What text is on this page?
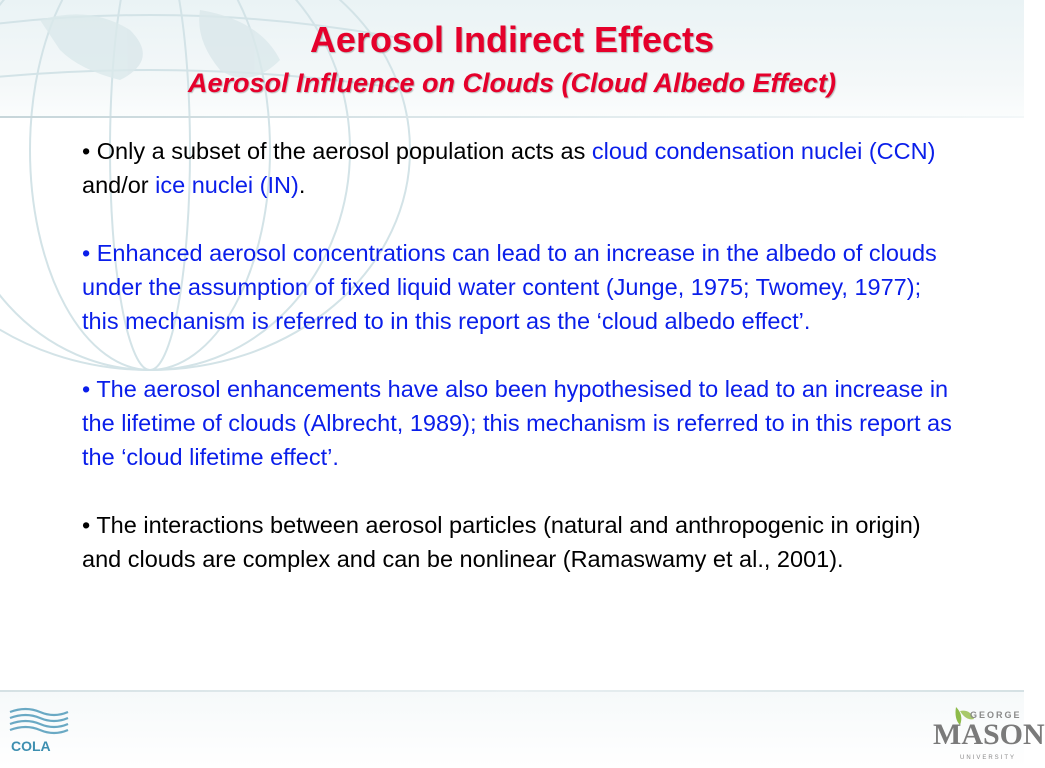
Aerosol Indirect Effects
Aerosol Influence on Clouds (Cloud Albedo Effect)

• Only a subset of the aerosol population acts as cloud condensation nuclei (CCN) and/or ice nuclei (IN).

• Enhanced aerosol concentrations can lead to an increase in the albedo of clouds under the assumption of fixed liquid water content (Junge, 1975; Twomey, 1977); this mechanism is referred to in this report as the ‘cloud albedo effect’.

• The aerosol enhancements have also been hypothesised to lead to an increase in the lifetime of clouds (Albrecht, 1989); this mechanism is referred to in this report as the ‘cloud lifetime effect’.

• The interactions between aerosol particles (natural and anthropogenic in origin) and clouds are complex and can be nonlinear (Ramaswamy et al., 2001).

COLA
GEORGE
MASON
UNIVERSITY
